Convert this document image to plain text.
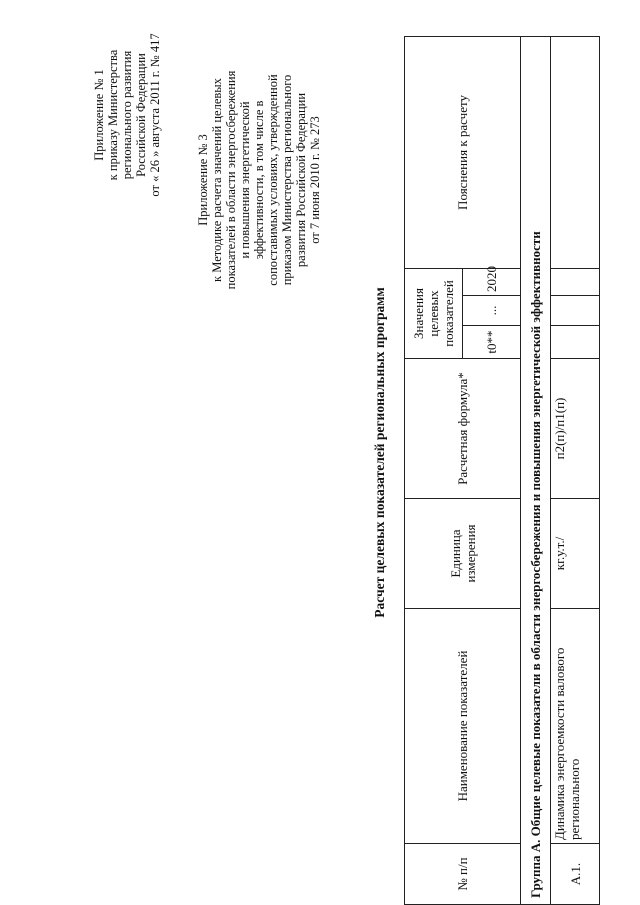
Приложение № 1 к приказу Министерства регионального развития Российской Федерации от « 26 » августа 2011 г. № 417	Приложение № 3 к Методике расчета значений целевых показателей в области энергосбережения и повышения энергетической эффективности, в том числе в сопоставимых условиях, утвержденной приказом Министерства регионального развития Российской Федерации от 7 июня 2010 г. № 273
Расчет целевых показателей региональных программ
№ п/п	Наименование показателей	Единица измерения	Расчетная формула*	Значения целевых показателей			Пояснения к расчету
				t0**	...	2020	
Группа А. Общие целевые показатели в области энергосбережения и повышения энергетической эффективности							
А.1.	Динамика энергоемкости валового регионального	кг.у.т./	п2(п)/п1(п)				
